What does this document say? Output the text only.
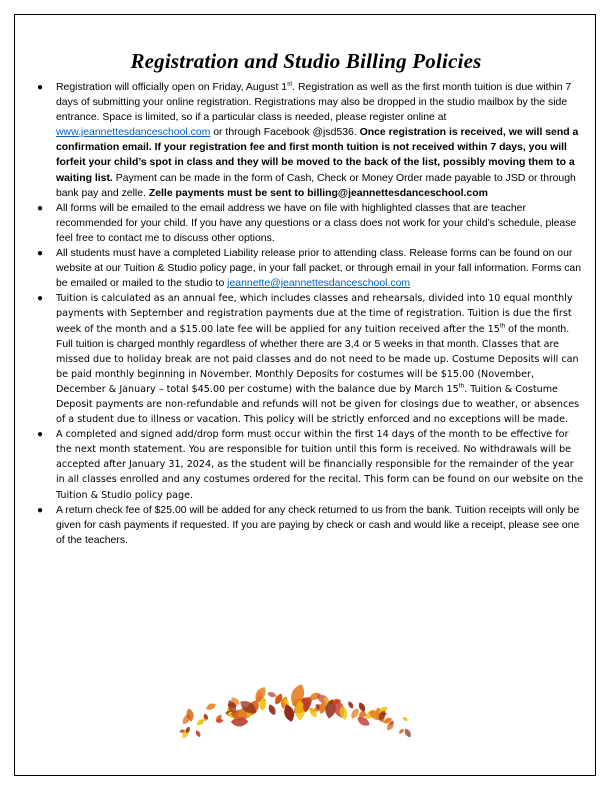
Registration and Studio Billing Policies
● Registration will officially open on Friday, August 1st. Registration as well as the first month tuition is due within 7 days of submitting your online registration. Registrations may also be dropped in the studio mailbox by the side entrance. Space is limited, so if a particular class is needed, please register online at www.jeannettesdanceschool.com or through Facebook @jsd536. Once registration is received, we will send a confirmation email. If your registration fee and first month tuition is not received within 7 days, you will forfeit your child’s spot in class and they will be moved to the back of the list, possibly moving them to a waiting list. Payment can be made in the form of Cash, Check or Money Order made payable to JSD or through bank pay and zelle. Zelle payments must be sent to billing@jeannettesdanceschool.com
● All forms will be emailed to the email address we have on file with highlighted classes that are teacher recommended for your child. If you have any questions or a class does not work for your child’s schedule, please feel free to contact me to discuss other options.
● All students must have a completed Liability release prior to attending class. Release forms can be found on our website at our Tuition & Studio policy page, in your fall packet, or through email in your fall information. Forms can be emailed or mailed to the studio to jeannette@jeannettesdanceschool.com
● Tuition is calculated as an annual fee, which includes classes and rehearsals, divided into 10 equal monthly payments with September and registration payments due at the time of registration. Tuition is due the first week of the month and a $15.00 late fee will be applied for any tuition received after the 15th of the month. Full tuition is charged monthly regardless of whether there are 3,4 or 5 weeks in that month. Classes that are missed due to holiday break are not paid classes and do not need to be made up. Costume Deposits will can be paid monthly beginning in November. Monthly Deposits for costumes will be $15.00 (November, December & January – total $45.00 per costume) with the balance due by March 15th. Tuition & Costume Deposit payments are non-refundable and refunds will not be given for closings due to weather, or absences of a student due to illness or vacation. This policy will be strictly enforced and no exceptions will be made.
● A completed and signed add/drop form must occur within the first 14 days of the month to be effective for the next month statement. You are responsible for tuition until this form is received. No withdrawals will be accepted after January 31, 2024, as the student will be financially responsible for the remainder of the year in all classes enrolled and any costumes ordered for the recital. This form can be found on our website on the Tuition & Studio policy page.
● A return check fee of $25.00 will be added for any check returned to us from the bank. Tuition receipts will only be given for cash payments if requested. If you are paying by check or cash and would like a receipt, please see one of the teachers.
